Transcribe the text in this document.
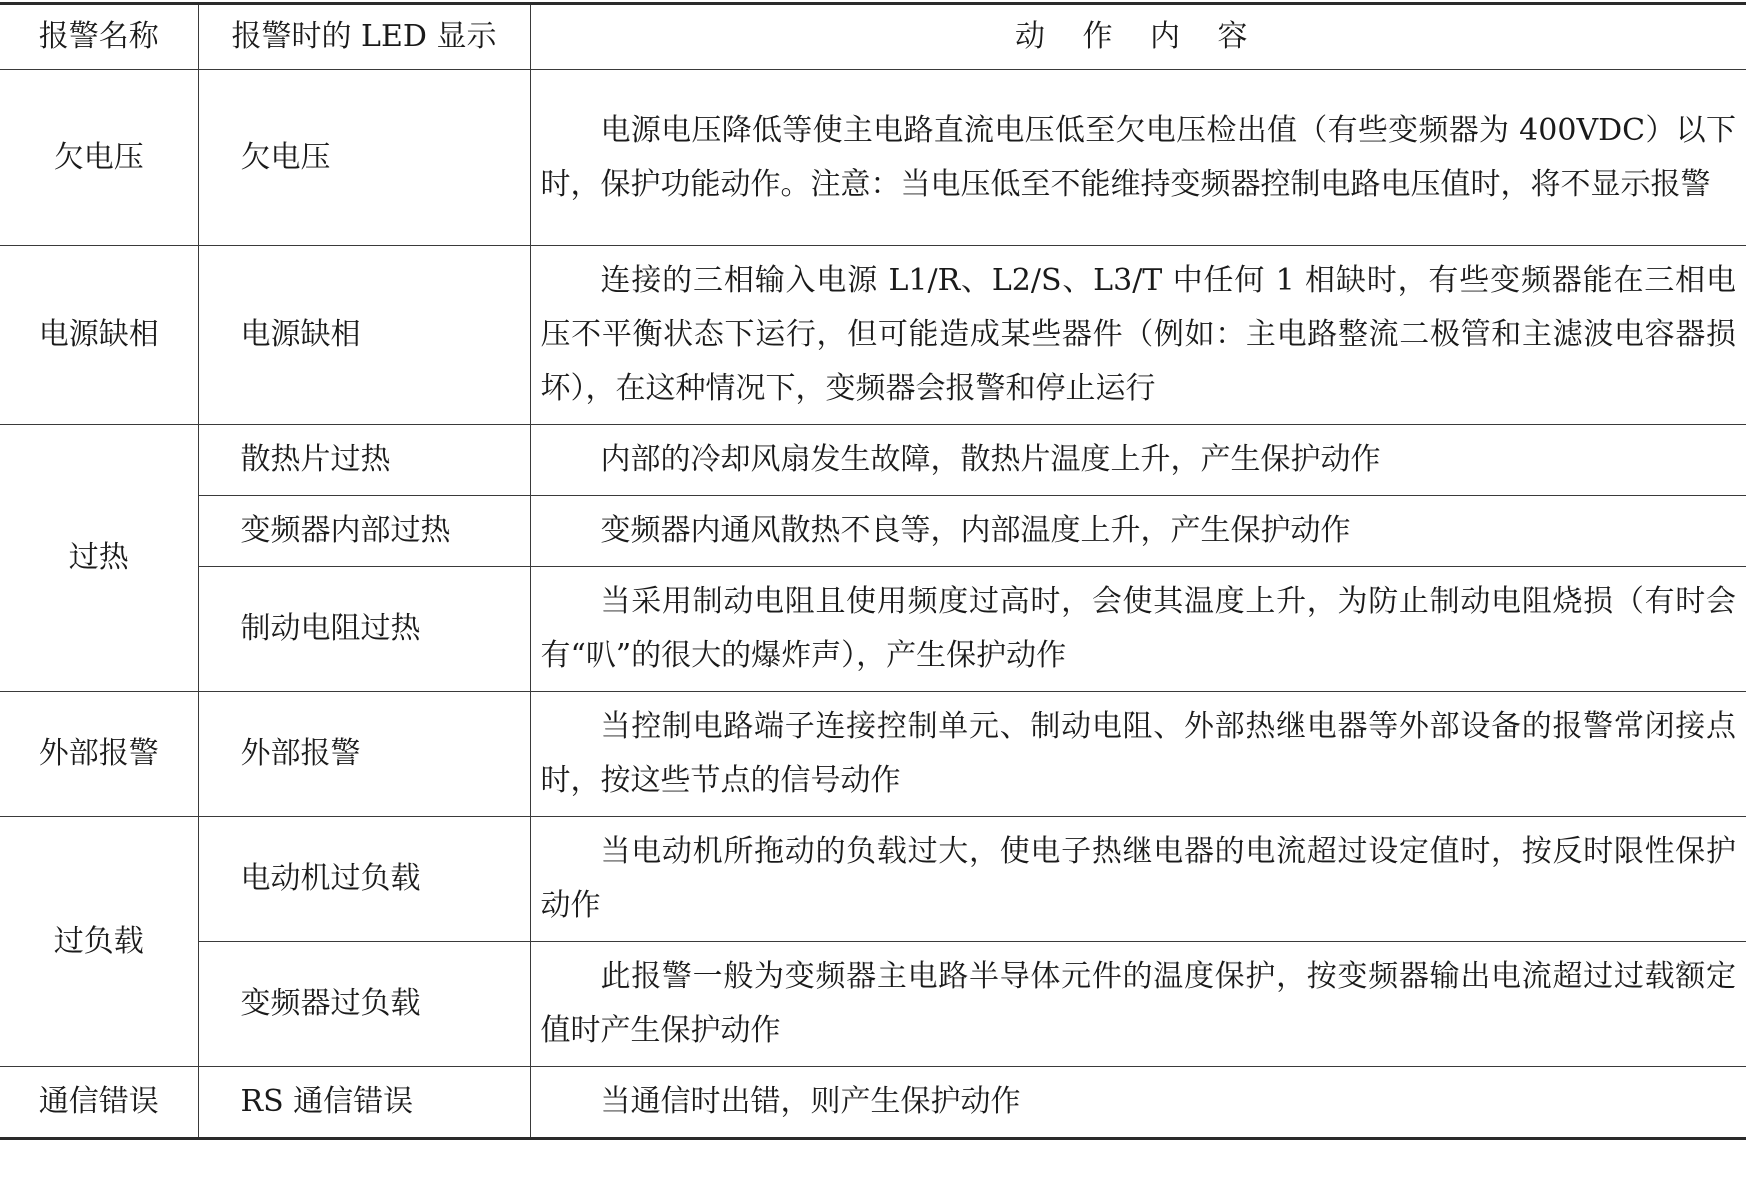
报警名称	报警时的 LED 显示	动 作 内 容
欠电压	欠电压	电源电压降低等使主电路直流电压低至欠电压检出值（有些变频器为 400VDC）以下时，保护功能动作。注意：当电压低至不能维持变频器控制电路电压值时，将不显示报警

电源缺相	电源缺相	连接的三相输入电源 L1/R、L2/S、L3/T 中任何 1 相缺时，有些变频器能在三相电压不平衡状态下运行，但可能造成某些器件（例如：主电路整流二极管和主滤波电容器损坏），在这种情况下，变频器会报警和停止运行

过热	散热片过热	内部的冷却风扇发生故障，散热片温度上升，产生保护动作

	变频器内部过热	变频器内通风散热不良等，内部温度上升，产生保护动作

	制动电阻过热	当采用制动电阻且使用频度过高时，会使其温度上升，为防止制动电阻烧损（有时会有“叭”的很大的爆炸声），产生保护动作

外部报警	外部报警	当控制电路端子连接控制单元、制动电阻、外部热继电器等外部设备的报警常闭接点时，按这些节点的信号动作

过负载	电动机过负载	当电动机所拖动的负载过大，使电子热继电器的电流超过设定值时，按反时限性保护动作

	变频器过负载	此报警一般为变频器主电路半导体元件的温度保护，按变频器输出电流超过过载额定值时产生保护动作

通信错误	RS 通信错误	当通信时出错，则产生保护动作
